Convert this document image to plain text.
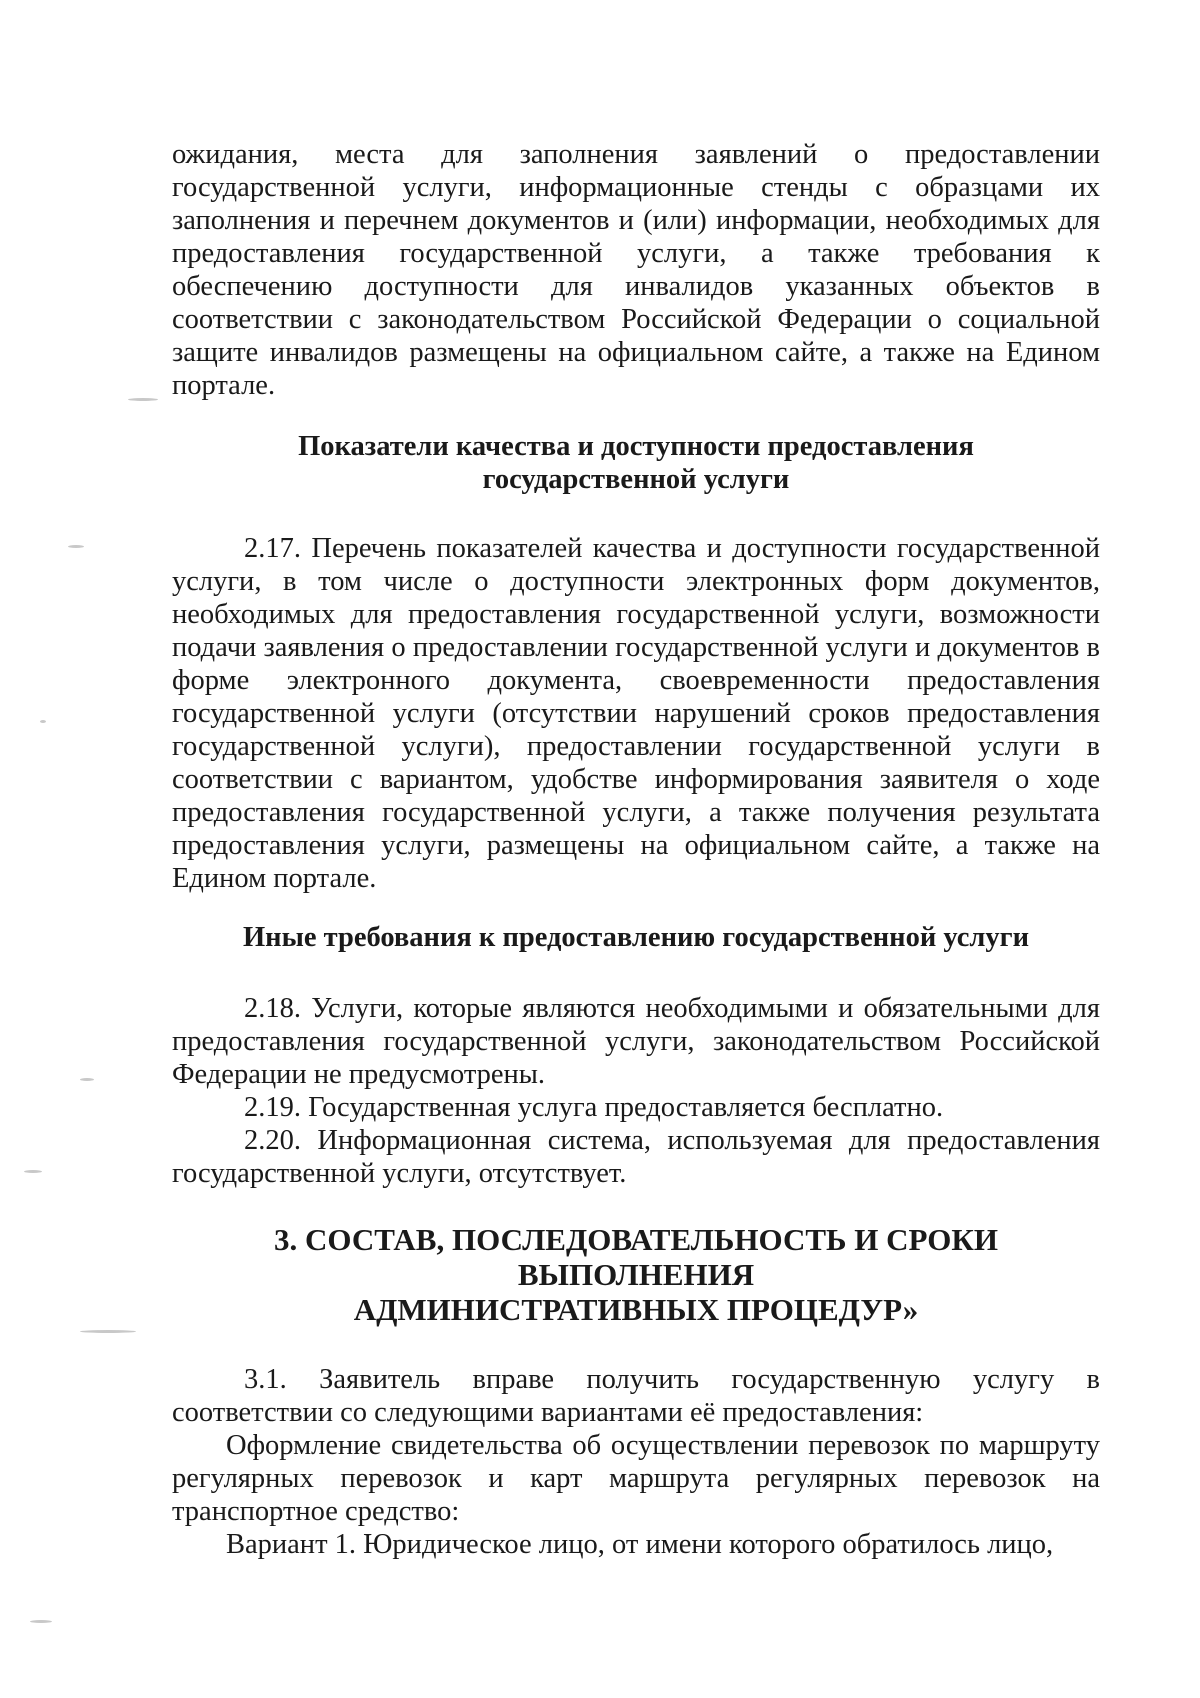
ожидания, места для заполнения заявлений о предоставлении государственной услуги, информационные стенды с образцами их заполнения и перечнем документов и (или) информации, необходимых для предоставления государственной услуги, а также требования к обеспечению доступности для инвалидов указанных объектов в соответствии с законодательством Российской Федерации о социальной защите инвалидов размещены на официальном сайте, а также на Едином портале.

Показатели качества и доступности предоставления
государственной услуги

2.17. Перечень показателей качества и доступности государственной услуги, в том числе о доступности электронных форм документов, необходимых для предоставления государственной услуги, возможности подачи заявления о предоставлении государственной услуги и документов в форме электронного документа, своевременности предоставления государственной услуги (отсутствии нарушений сроков предоставления государственной услуги), предоставлении государственной услуги в соответствии с вариантом, удобстве информирования заявителя о ходе предоставления государственной услуги, а также получения результата предоставления услуги, размещены на официальном сайте, а также на Едином портале.

Иные требования к предоставлению государственной услуги

2.18. Услуги, которые являются необходимыми и обязательными для предоставления государственной услуги, законодательством Российской Федерации не предусмотрены.

2.19. Государственная услуга предоставляется бесплатно.

2.20. Информационная система, используемая для предоставления государственной услуги, отсутствует.

3. СОСТАВ, ПОСЛЕДОВАТЕЛЬНОСТЬ И СРОКИ ВЫПОЛНЕНИЯ
АДМИНИСТРАТИВНЫХ ПРОЦЕДУР»

3.1. Заявитель вправе получить государственную услугу в соответствии со следующими вариантами её предоставления:

Оформление свидетельства об осуществлении перевозок по маршруту регулярных перевозок и карт маршрута регулярных перевозок на транспортное средство:

Вариант 1. Юридическое лицо, от имени которого обратилось лицо,
